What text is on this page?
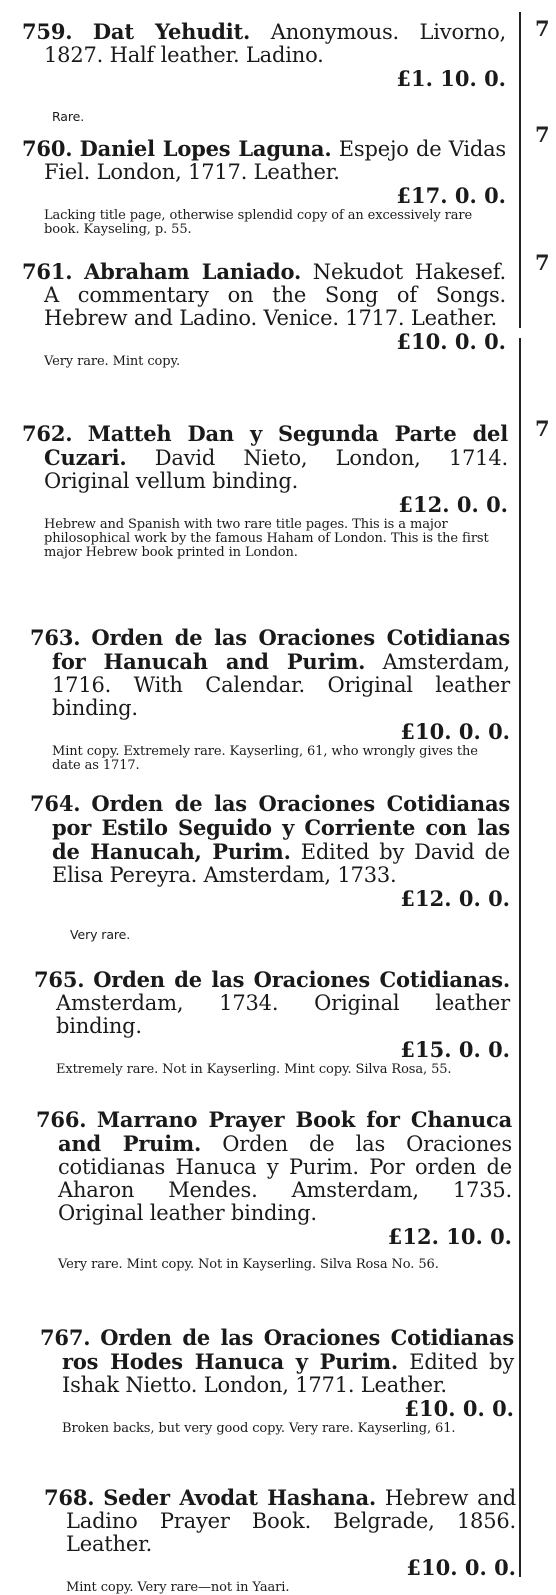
7
7
7
7
759. Dat Yehudit. Anonymous. Livorno, 1827. Half leather. Ladino.
£1. 10. 0.
Rare.
760. Daniel Lopes Laguna. Espejo de Vidas Fiel. London, 1717. Leather.
£17. 0. 0.
Lacking title page, otherwise splendid copy of an excessively rare book. Kayseling, p. 55.
761. Abraham Laniado. Nekudot Hakesef. A commentary on the Song of Songs. Hebrew and Ladino. Venice. 1717. Leather.
£10. 0. 0.
Very rare. Mint copy.
762. Matteh Dan y Segunda Parte del Cuzari. David Nieto, London, 1714. Original vellum binding.
£12. 0. 0.
Hebrew and Spanish with two rare title pages. This is a major philosophical work by the famous Haham of London. This is the first major Hebrew book printed in London.
763. Orden de las Oraciones Cotidianas for Hanucah and Purim. Amsterdam, 1716. With Calendar. Original leather binding.
£10. 0. 0.
Mint copy. Extremely rare. Kayserling, 61, who wrongly gives the date as 1717.
764. Orden de las Oraciones Cotidianas por Estilo Seguido y Corriente con las de Hanucah, Purim. Edited by David de Elisa Pereyra. Amsterdam, 1733.
£12. 0. 0.
Very rare.
765. Orden de las Oraciones Cotidianas. Amsterdam, 1734. Original leather binding.
£15. 0. 0.
Extremely rare. Not in Kayserling. Mint copy. Silva Rosa, 55.
766. Marrano Prayer Book for Chanuca and Pruim. Orden de las Oraciones cotidianas Hanuca y Purim. Por orden de Aharon Mendes. Amsterdam, 1735. Original leather binding.
£12. 10. 0.
Very rare. Mint copy. Not in Kayserling. Silva Rosa No. 56.
767. Orden de las Oraciones Cotidianas ros Hodes Hanuca y Purim. Edited by Ishak Nietto. London, 1771. Leather.
£10. 0. 0.
Broken backs, but very good copy. Very rare. Kayserling, 61.
768. Seder Avodat Hashana. Hebrew and Ladino Prayer Book. Belgrade, 1856. Leather.
£10. 0. 0.
Mint copy. Very rare—not in Yaari.
